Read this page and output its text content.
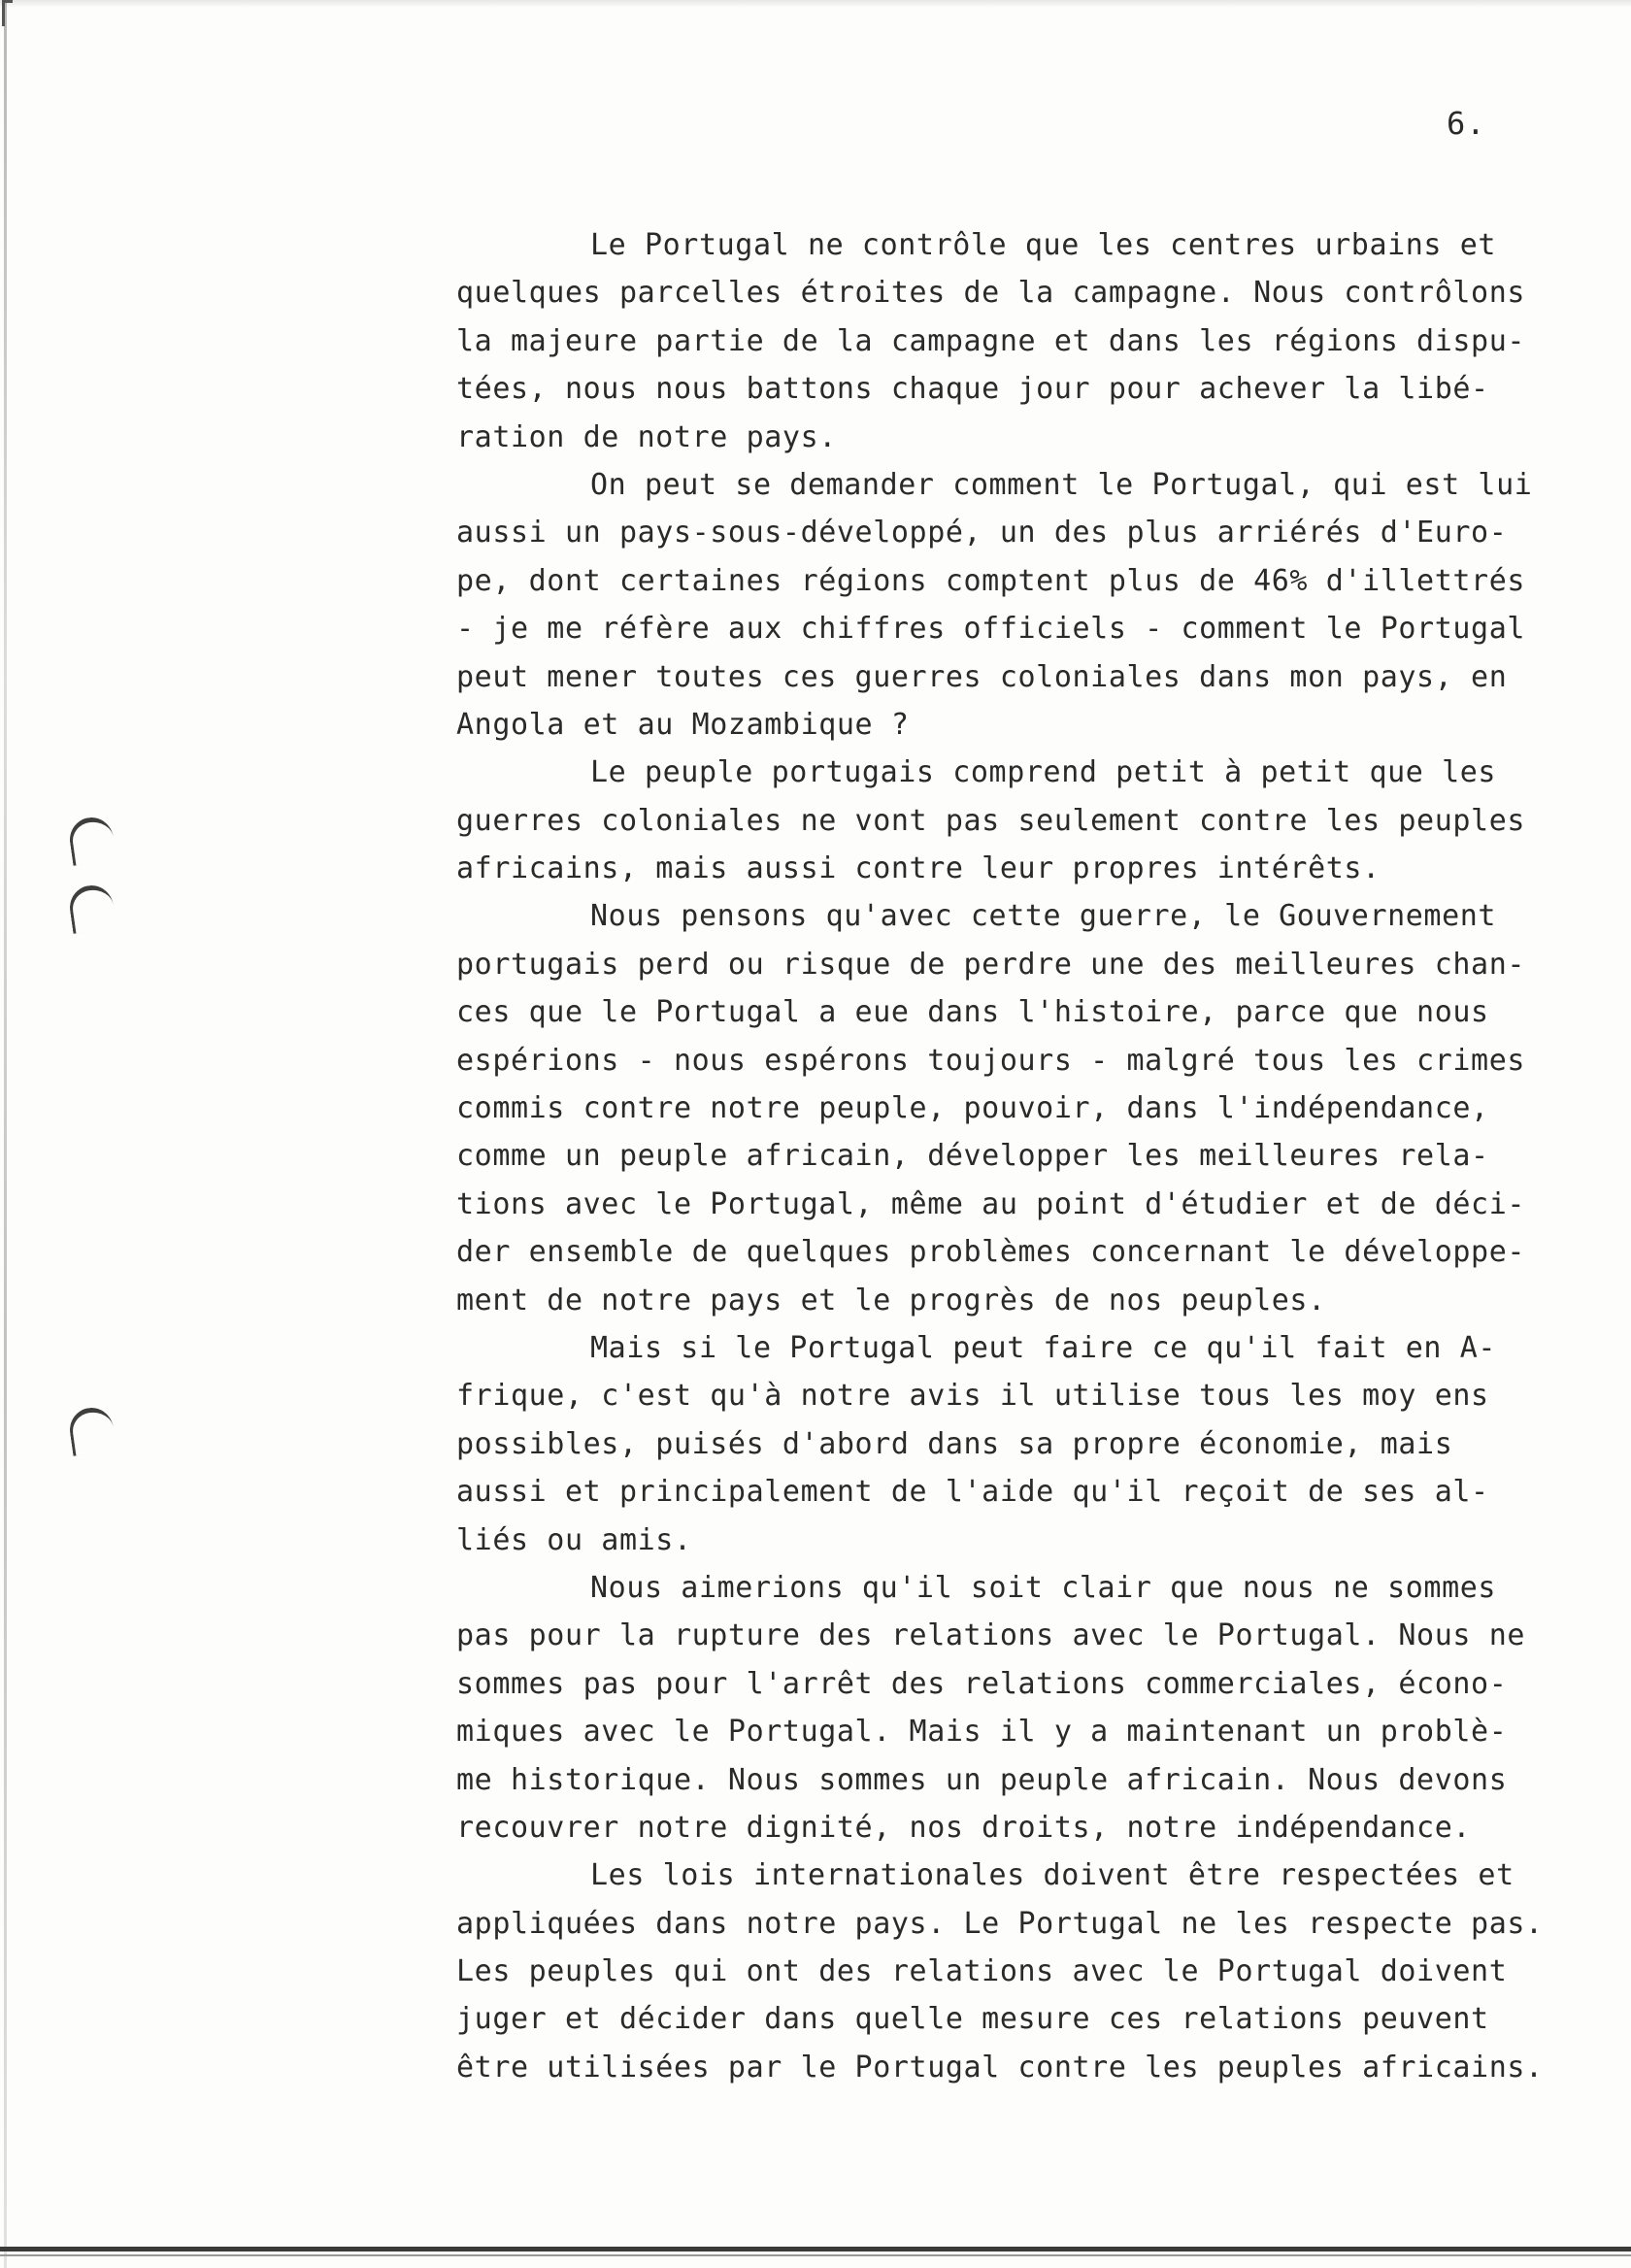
6.
Le Portugal ne contrôle que les centres urbains et
quelques parcelles étroites de la campagne. Nous contrôlons
la majeure partie de la campagne et dans les régions dispu-
tées, nous nous battons chaque jour pour achever la libé-
ration de notre pays.
On peut se demander comment le Portugal, qui est lui
aussi un pays-sous-développé, un des plus arriérés d'Euro-
pe, dont certaines régions comptent plus de 46% d'illettrés
- je me réfère aux chiffres officiels - comment le Portugal
peut mener toutes ces guerres coloniales dans mon pays, en
Angola et au Mozambique ?
Le peuple portugais comprend petit à petit que les
guerres coloniales ne vont pas seulement contre les peuples
africains, mais aussi contre leur propres intérêts.
Nous pensons qu'avec cette guerre, le Gouvernement
portugais perd ou risque de perdre une des meilleures chan-
ces que le Portugal a eue dans l'histoire, parce que nous
espérions - nous espérons toujours - malgré tous les crimes
commis contre notre peuple, pouvoir, dans l'indépendance,
comme un peuple africain, développer les meilleures rela-
tions avec le Portugal, même au point d'étudier et de déci-
der ensemble de quelques problèmes concernant le développe-
ment de notre pays et le progrès de nos peuples.
Mais si le Portugal peut faire ce qu'il fait en A-
frique, c'est qu'à notre avis il utilise tous les moy ens
possibles, puisés d'abord dans sa propre économie, mais
aussi et principalement de l'aide qu'il reçoit de ses al-
liés ou amis.
Nous aimerions qu'il soit clair que nous ne sommes
pas pour la rupture des relations avec le Portugal. Nous ne
sommes pas pour l'arrêt des relations commerciales, écono-
miques avec le Portugal. Mais il y a maintenant un problè-
me historique. Nous sommes un peuple africain. Nous devons
recouvrer notre dignité, nos droits, notre indépendance.
Les lois internationales doivent être respectées et
appliquées dans notre pays. Le Portugal ne les respecte pas.
Les peuples qui ont des relations avec le Portugal doivent
juger et décider dans quelle mesure ces relations peuvent
être utilisées par le Portugal contre les peuples africains.
